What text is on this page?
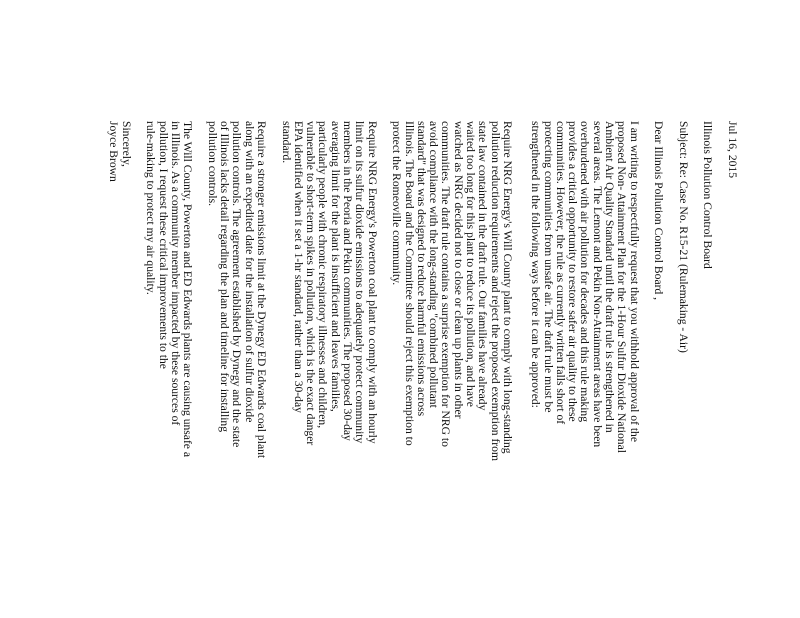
Jul 16, 2015
Illinois Pollution Control Board
Subject: Re: Case No. R15-21 (Rulemaking - Air)
Dear Illinois Pollution Control Board ,
I am writing to respectfully request that you withhold approval of the
proposed Non- Attainment Plan for the 1-Hour Sulfur Dioxide National
Ambient Air Quality Standard until the draft rule is strengthened in
several areas. The Lemont and Pekin Non-Attainment areas have been
overburdened with air pollution for decades and this rule making
provides a critical opportunity to restore safer air quality to these
communities. However, the rule as currently written falls short of
protecting communities from unsafe air. The draft rule must be
strengthened in the following ways before it can be approved:
Require NRG Energy's Will County plant to comply with long-standing
pollution reduction requirements and reject the proposed exemption from
state law contained in the draft rule. Our families have already
waited too long for this plant to reduce its pollution, and have
watched as NRG decided not to close or clean up plants in other
communities. The draft rule contains a surprise exemption for NRG to
avoid compliance with the long-standing "combined pollutant
standard" that was designed to reduce harmful emissions across
Illinois. The Board and the Committee should reject this exemption to
protect the Romeoville community.
Require NRG Energy's Powerton coal plant to comply with an hourly
limit on its sulfur dioxide emissions to adequately protect community
members in the Peoria and Pekin communities. The proposed 30-day
averaging limit for the plant is insufficient and leaves families,
particularly people with chronic respiratory illnesses and children,
vulnerable to short-term spikes in pollution, which is the exact danger
EPA identified when it set a 1-hr standard, rather than a 30-day
standard.
Require a stronger emissions limit at the Dynegy ED Edwards coal plant
along with an expedited date for the installation of sulfur dioxide
pollution controls. The agreement established by Dynegy and the state
of Illinois lacks detail regarding the plan and timeline for installing
pollution controls.
The Will County, Powerton and ED Edwards plants are causing unsafe a
in Illinois. As a community member impacted by these sources of
pollution, I request these critical improvements to the
rule-making to protect my air quality.
Sincerely,
Joyce Brown
